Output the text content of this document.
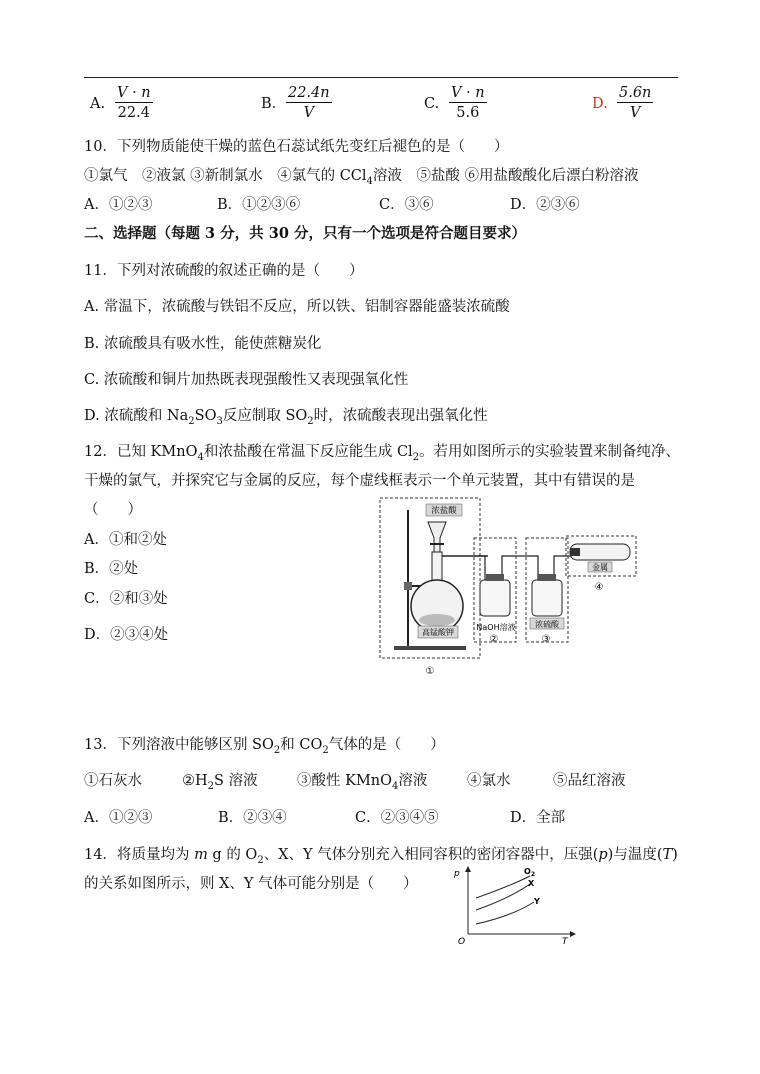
A. $\frac{V \cdot n}{22.4}$	B. $\frac{22.4n}{V}$	C. $\frac{V \cdot n}{5.6}$	D. $\frac{5.6n}{V}$
10．下列物质能使干燥的蓝色石蕊试纸先变红后褪色的是（　　）
①氯气　②液氯 ③新制氯水　④氯气的 CCl$_4$溶液　⑤盐酸 ⑥用盐酸酸化后漂白粉溶液
A．①②③	B．①②③⑥	C．③⑥	D．②③⑥
二、选择题（每题 3 分，共 30 分，只有一个选项是符合题目要求）
11．下列对浓硫酸的叙述正确的是（　　）
A. 常温下，浓硫酸与铁铝不反应，所以铁、铝制容器能盛装浓硫酸
B. 浓硫酸具有吸水性，能使蔗糖炭化
C. 浓硫酸和铜片加热既表现强酸性又表现强氧化性
D. 浓硫酸和 $Na_2SO_3$反应制取 $SO_2$时，浓硫酸表现出强氧化性
12．已知 KMnO$_4$和浓盐酸在常温下反应能生成 $Cl_2$。若用如图所示的实验装置来制备纯净、
干燥的氯气，并探究它与金属的反应，每个虚线框表示一个单元装置，其中有错误的是
（　　）
A．①和②处
B．②处
C．②和③处
D．②③④处
浓盐酸
高锰酸钾
①
NaOH溶液
②
浓硫酸
③
金属
④
13．下列溶液中能够区别 $SO_2$和 $CO_2$气体的是（　　）
①石灰水	$②H_2S$ 溶液	③酸性 KMnO$_4$溶液	④氯水	⑤品红溶液
A．①②③	B．②③④	C．②③④⑤	D．全部
14．将质量均为 m g 的 $O_2$、X、Y 气体分别充入相同容积的密闭容器中，压强(p)与温度(T)
的关系如图所示，则 X、Y 气体可能分别是（　　）
p
T
O
$O_2$
X
Y
